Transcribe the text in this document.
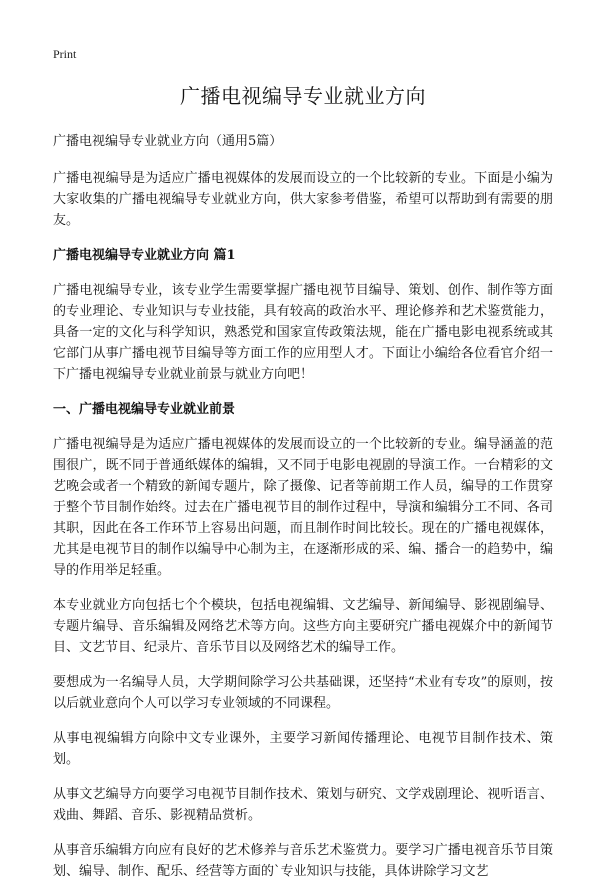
Print
广播电视编导专业就业方向
广播电视编导专业就业方向（通用5篇）

广播电视编导是为适应广播电视媒体的发展而设立的一个比较新的专业。下面是小编为大家收集的广播电视编导专业就业方向，供大家参考借鉴，希望可以帮助到有需要的朋友。

广播电视编导专业就业方向 篇1

广播电视编导专业，该专业学生需要掌握广播电视节目编导、策划、创作、制作等方面的专业理论、专业知识与专业技能，具有较高的政治水平、理论修养和艺术鉴赏能力，具备一定的文化与科学知识，熟悉党和国家宣传政策法规，能在广播电影电视系统或其它部门从事广播电视节目编导等方面工作的应用型人才。下面让小编给各位看官介绍一下广播电视编导专业就业前景与就业方向吧！

一、广播电视编导专业就业前景

广播电视编导是为适应广播电视媒体的发展而设立的一个比较新的专业。编导涵盖的范围很广，既不同于普通纸媒体的编辑，又不同于电影电视剧的导演工作。一台精彩的文艺晚会或者一个精致的新闻专题片，除了摄像、记者等前期工作人员，编导的工作贯穿于整个节目制作始终。过去在广播电视节目的制作过程中，导演和编辑分工不同、各司其职，因此在各工作环节上容易出问题，而且制作时间比较长。现在的广播电视媒体，尤其是电视节目的制作以编导中心制为主，在逐渐形成的采、编、播合一的趋势中，编导的作用举足轻重。

本专业就业方向包括七个个模块，包括电视编辑、文艺编导、新闻编导、影视剧编导、专题片编导、音乐编辑及网络艺术等方向。这些方向主要研究广播电视媒介中的新闻节目、文艺节目、纪录片、音乐节目以及网络艺术的编导工作。

要想成为一名编导人员，大学期间除学习公共基础课，还坚持“术业有专攻”的原则，按以后就业意向个人可以学习专业领域的不同课程。

从事电视编辑方向除中文专业课外，主要学习新闻传播理论、电视节目制作技术、策划。

从事文艺编导方向要学习电视节目制作技术、策划与研究、文学戏剧理论、视听语言、戏曲、舞蹈、音乐、影视精品赏析。

从事音乐编辑方向应有良好的艺术修养与音乐艺术鉴赏力。要学习广播电视音乐节目策划、编导、制作、配乐、经营等方面的`专业知识与技能，具体讲除学习文艺
